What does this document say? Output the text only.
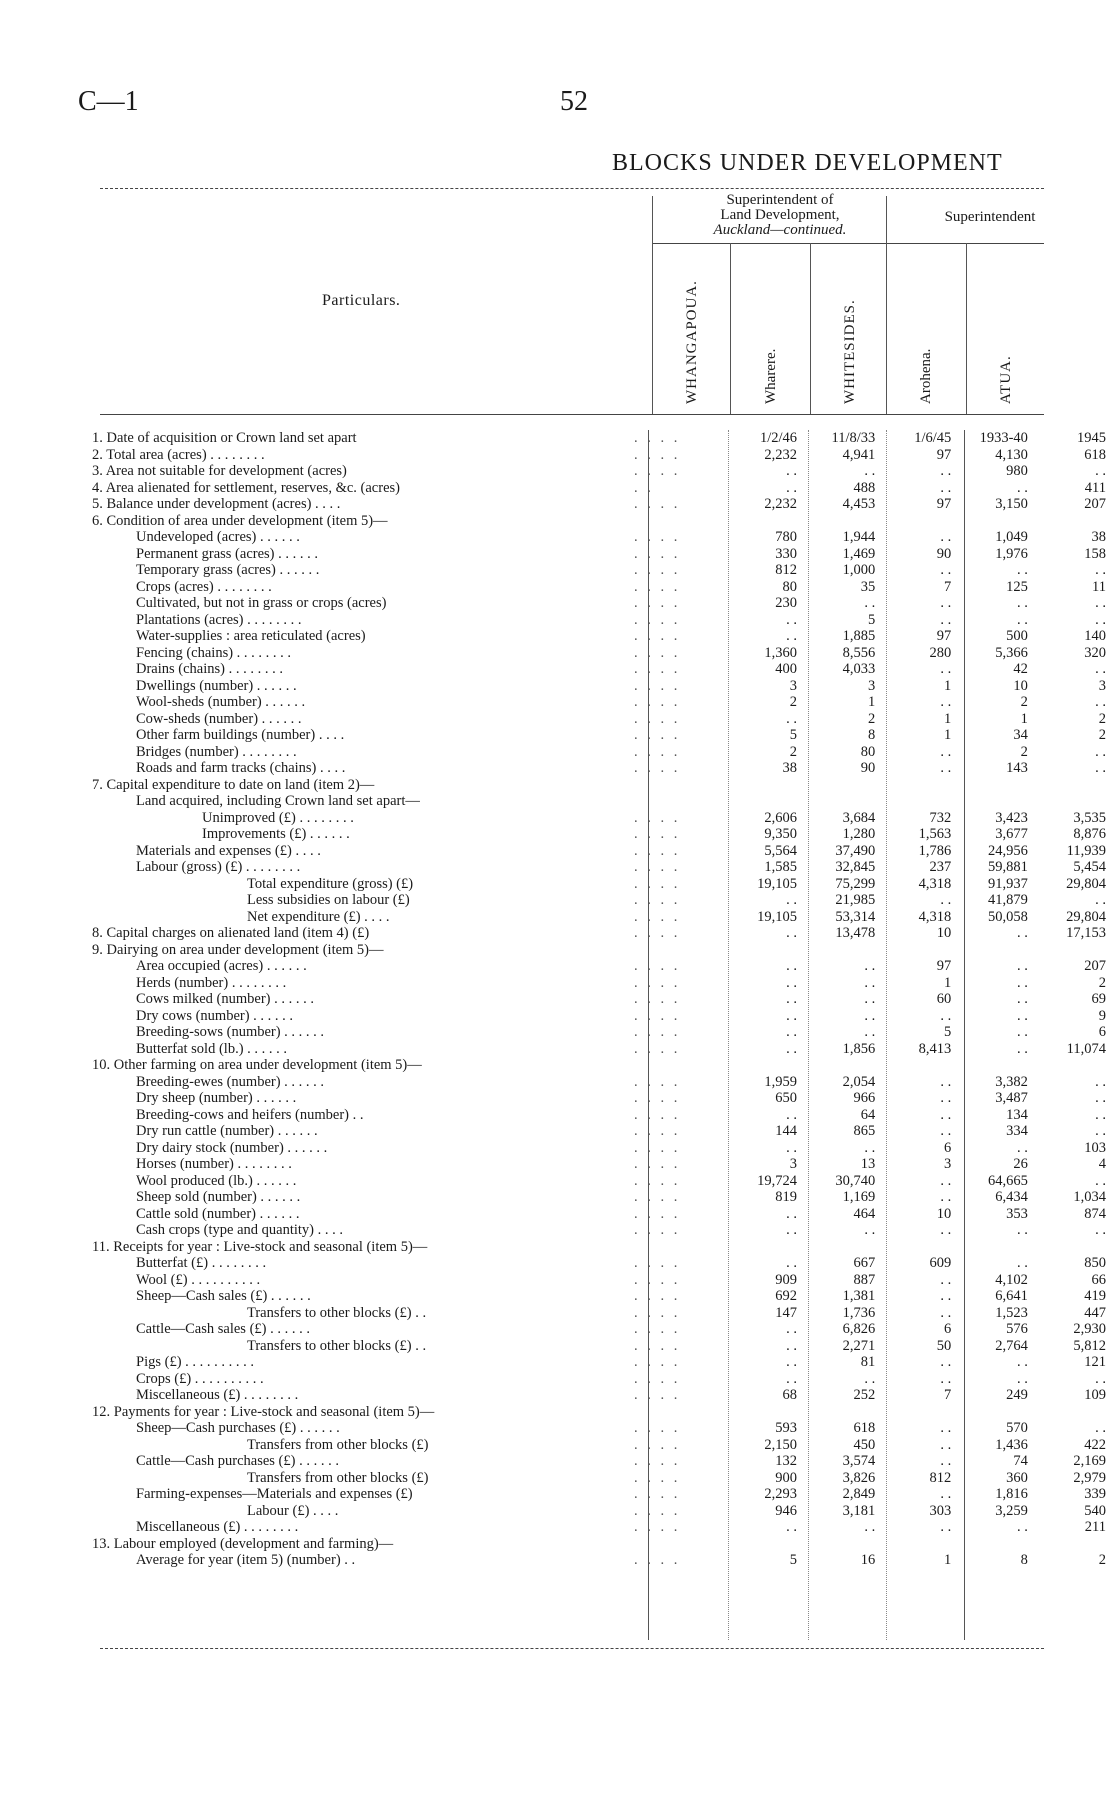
C—1	52
BLOCKS UNDER DEVELOPMENT
Superintendent of
Land Development,
Auckland—continued.
Superintendent
Particulars.	WHANGAPOUA.	Wharere.	WHITESIDES.	Arohena.	ATUA.
1. Date of acquisition or Crown land set apart	. . . .	1/2/46	11/8/33	1/6/45	1933-40	1945
2. Total area (acres) . . . . . . . .	. . . .	2,232	4,941	97	4,130	618
3. Area not suitable for development (acres)	. . . .	. .	. .	. .	980	. .
4. Area alienated for settlement, reserves, &c. (acres)	. .	. .	488	. .	. .	411
5. Balance under development (acres) . . . .	. . . .	2,232	4,453	97	3,150	207
6. Condition of area under development (item 5)—						
Undeveloped (acres) . . . . . .	. . . .	780	1,944	. .	1,049	38
Permanent grass (acres) . . . . . .	. . . .	330	1,469	90	1,976	158
Temporary grass (acres) . . . . . .	. . . .	812	1,000	. .	. .	. .
Crops (acres) . . . . . . . .	. . . .	80	35	7	125	11
Cultivated, but not in grass or crops (acres)	. . . .	230	. .	. .	. .	. .
Plantations (acres) . . . . . . . .	. . . .	. .	5	. .	. .	. .
Water-supplies : area reticulated (acres)	. . . .	. .	1,885	97	500	140
Fencing (chains) . . . . . . . .	. . . .	1,360	8,556	280	5,366	320
Drains (chains) . . . . . . . .	. . . .	400	4,033	. .	42	. .
Dwellings (number) . . . . . .	. . . .	3	3	1	10	3
Wool-sheds (number) . . . . . .	. . . .	2	1	. .	2	. .
Cow-sheds (number) . . . . . .	. . . .	. .	2	1	1	2
Other farm buildings (number) . . . .	. . . .	5	8	1	34	2
Bridges (number) . . . . . . . .	. . . .	2	80	. .	2	. .
Roads and farm tracks (chains) . . . .	. . . .	38	90	. .	143	. .
7. Capital expenditure to date on land (item 2)—						
Land acquired, including Crown land set apart—						
Unimproved (£) . . . . . . . .	. . . .	2,606	3,684	732	3,423	3,535
Improvements (£) . . . . . .	. . . .	9,350	1,280	1,563	3,677	8,876
Materials and expenses (£) . . . .	. . . .	5,564	37,490	1,786	24,956	11,939
Labour (gross) (£) . . . . . . . .	. . . .	1,585	32,845	237	59,881	5,454
Total expenditure (gross) (£)	. . . .	19,105	75,299	4,318	91,937	29,804
Less subsidies on labour (£)	. . . .	. .	21,985	. .	41,879	. .
Net expenditure (£) . . . .	. . . .	19,105	53,314	4,318	50,058	29,804
8. Capital charges on alienated land (item 4) (£)	. . . .	. .	13,478	10	. .	17,153
9. Dairying on area under development (item 5)—						
Area occupied (acres) . . . . . .	. . . .	. .	. .	97	. .	207
Herds (number) . . . . . . . .	. . . .	. .	. .	1	. .	2
Cows milked (number) . . . . . .	. . . .	. .	. .	60	. .	69
Dry cows (number) . . . . . .	. . . .	. .	. .	. .	. .	9
Breeding-sows (number) . . . . . .	. . . .	. .	. .	5	. .	6
Butterfat sold (lb.) . . . . . .	. . . .	. .	1,856	8,413	. .	11,074
10. Other farming on area under development (item 5)—						
Breeding-ewes (number) . . . . . .	. . . .	1,959	2,054	. .	3,382	. .
Dry sheep (number) . . . . . .	. . . .	650	966	. .	3,487	. .
Breeding-cows and heifers (number) . .	. . . .	. .	64	. .	134	. .
Dry run cattle (number) . . . . . .	. . . .	144	865	. .	334	. .
Dry dairy stock (number) . . . . . .	. . . .	. .	. .	6	. .	103
Horses (number) . . . . . . . .	. . . .	3	13	3	26	4
Wool produced (lb.) . . . . . .	. . . .	19,724	30,740	. .	64,665	. .
Sheep sold (number) . . . . . .	. . . .	819	1,169	. .	6,434	1,034
Cattle sold (number) . . . . . .	. . . .	. .	464	10	353	874
Cash crops (type and quantity) . . . .	. . . .	. .	. .	. .	. .	. .
11. Receipts for year : Live-stock and seasonal (item 5)—						
Butterfat (£) . . . . . . . .	. . . .	. .	667	609	. .	850
Wool (£) . . . . . . . . . .	. . . .	909	887	. .	4,102	66
Sheep—Cash sales (£) . . . . . .	. . . .	692	1,381	. .	6,641	419
Transfers to other blocks (£) . .	. . . .	147	1,736	. .	1,523	447
Cattle—Cash sales (£) . . . . . .	. . . .	. .	6,826	6	576	2,930
Transfers to other blocks (£) . .	. . . .	. .	2,271	50	2,764	5,812
Pigs (£) . . . . . . . . . .	. . . .	. .	81	. .	. .	121
Crops (£) . . . . . . . . . .	. . . .	. .	. .	. .	. .	. .
Miscellaneous (£) . . . . . . . .	. . . .	68	252	7	249	109
12. Payments for year : Live-stock and seasonal (item 5)—						
Sheep—Cash purchases (£) . . . . . .	. . . .	593	618	. .	570	. .
Transfers from other blocks (£)	. . . .	2,150	450	. .	1,436	422
Cattle—Cash purchases (£) . . . . . .	. . . .	132	3,574	. .	74	2,169
Transfers from other blocks (£)	. . . .	900	3,826	812	360	2,979
Farming-expenses—Materials and expenses (£)	. . . .	2,293	2,849	. .	1,816	339
Labour (£) . . . .	. . . .	946	3,181	303	3,259	540
Miscellaneous (£) . . . . . . . .	. . . .	. .	. .	. .	. .	211
13. Labour employed (development and farming)—						
Average for year (item 5) (number) . .	. . . .	5	16	1	8	2
